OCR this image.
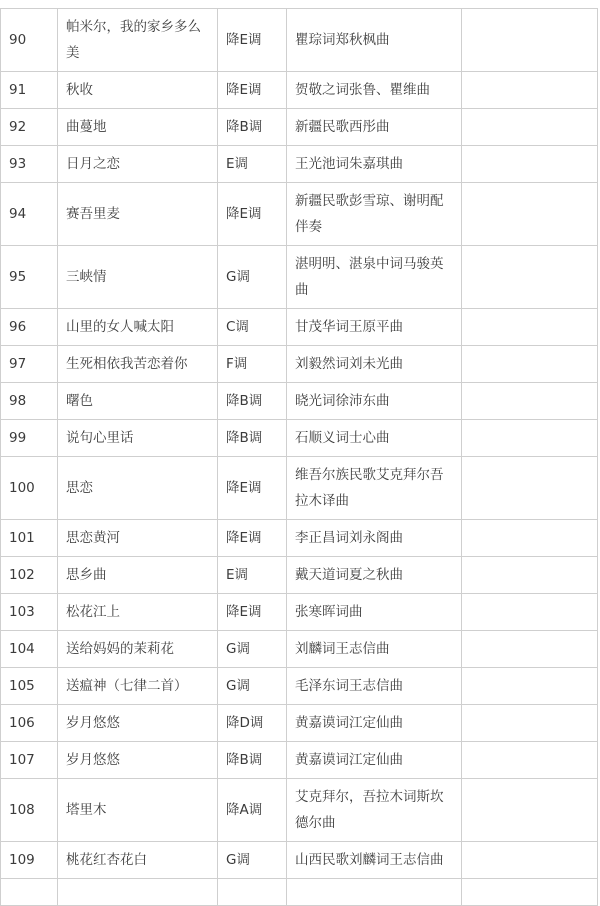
90	帕米尔，我的家乡多么美	降E调	瞿琮词郑秋枫曲	
91	秋收	降E调	贺敬之词张鲁、瞿维曲	
92	曲蔓地	降B调	新疆民歌西彤曲	
93	日月之恋	E调	王光池词朱嘉琪曲	
94	赛吾里麦	降E调	新疆民歌彭雪琼、谢明配伴奏	
95	三峡情	G调	湛明明、湛泉中词马骏英曲	
96	山里的女人喊太阳	C调	甘茂华词王原平曲	
97	生死相依我苦恋着你	F调	刘毅然词刘未光曲	
98	曙色	降B调	晓光词徐沛东曲	
99	说句心里话	降B调	石顺义词士心曲	
100	思恋	降E调	维吾尔族民歌艾克拜尔吾拉木译曲	
101	思恋黄河	降E调	李正昌词刘永阁曲	
102	思乡曲	E调	戴天道词夏之秋曲	
103	松花江上	降E调	张寒晖词曲	
104	送给妈妈的茉莉花	G调	刘麟词王志信曲	
105	送瘟神（七律二首）	G调	毛泽东词王志信曲	
106	岁月悠悠	降D调	黄嘉谟词江定仙曲	
107	岁月悠悠	降B调	黄嘉谟词江定仙曲	
108	塔里木	降A调	艾克拜尔，吾拉木词斯坎德尔曲	
109	桃花红杏花白	G调	山西民歌刘麟词王志信曲	
